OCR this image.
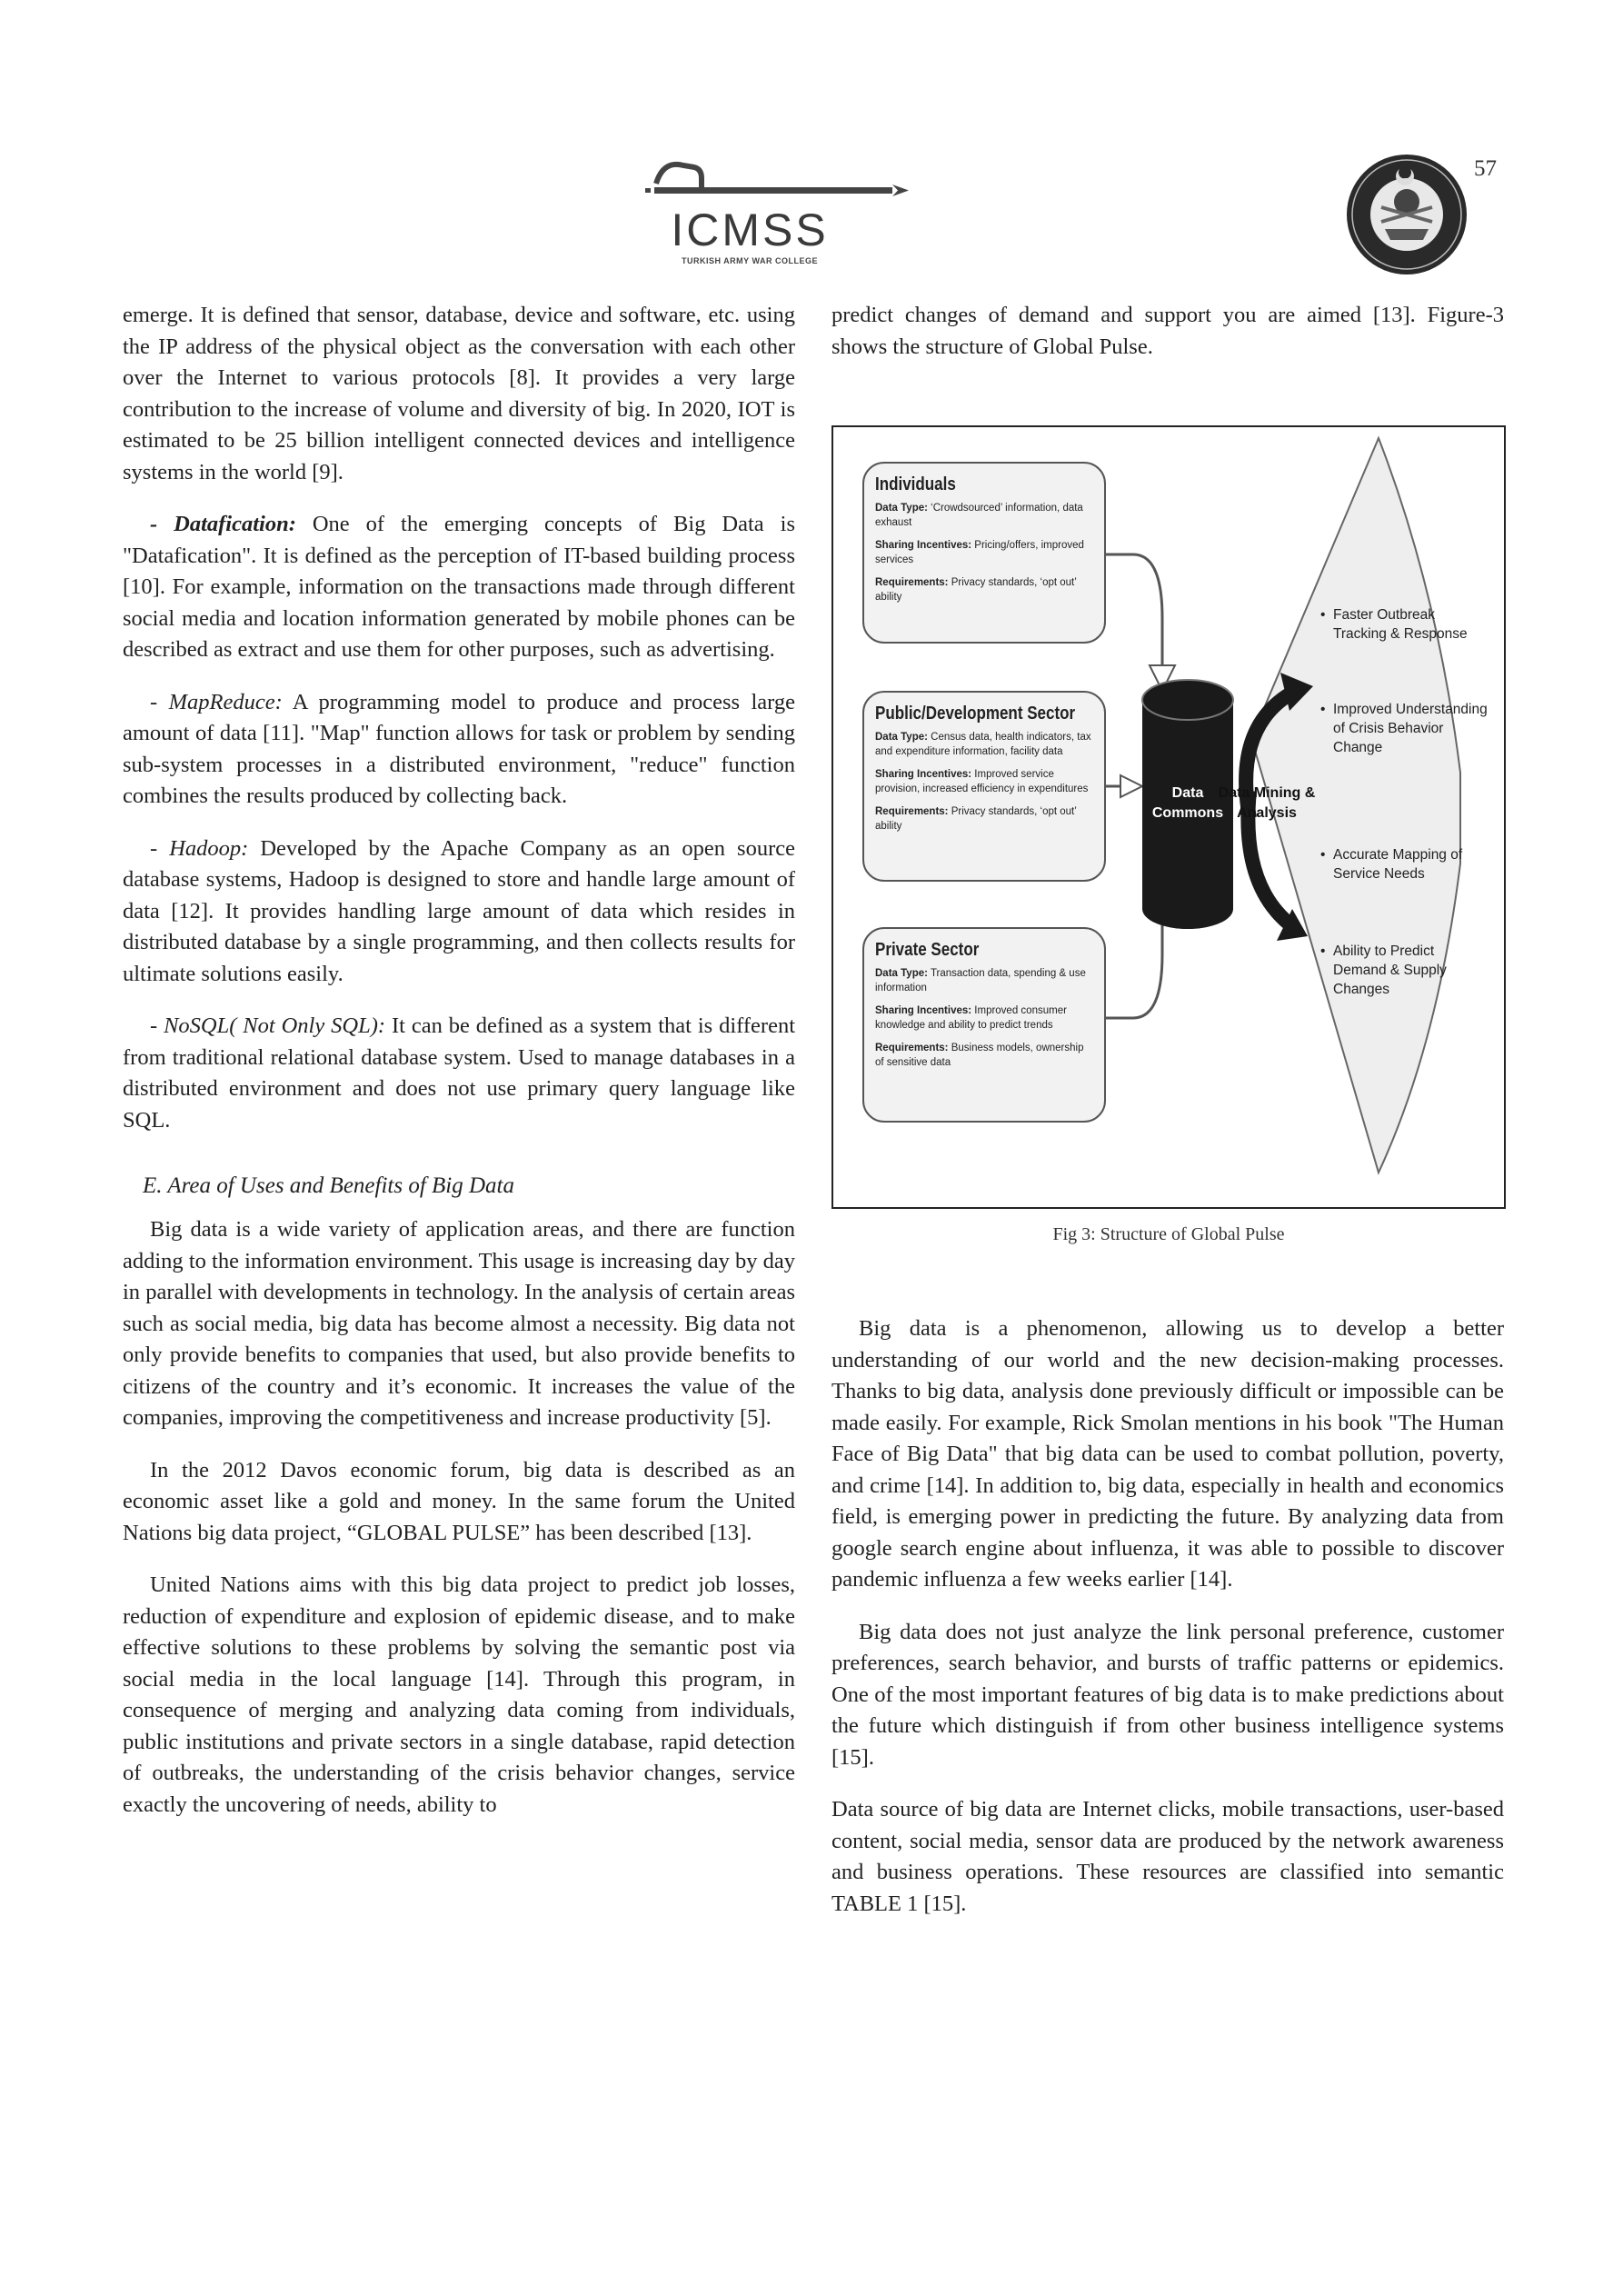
ICMSS
TURKISH ARMY WAR COLLEGE
57

emerge. It is defined that sensor, database, device and software, etc. using the IP address of the physical object as the conversation with each other over the Internet to various protocols [8]. It provides a very large contribution to the increase of volume and diversity of big. In 2020, IOT is estimated to be 25 billion intelligent connected devices and intelligence systems in the world [9].

- Datafication: One of the emerging concepts of Big Data is "Datafication". It is defined as the perception of IT-based building process [10]. For example, information on the transactions made through different social media and location information generated by mobile phones can be described as extract and use them for other purposes, such as advertising.

- MapReduce: A programming model to produce and process large amount of data [11]. "Map" function allows for task or problem by sending sub-system processes in a distributed environment, "reduce" function combines the results produced by collecting back.

- Hadoop: Developed by the Apache Company as an open source database systems, Hadoop is designed to store and handle large amount of data [12]. It provides handling large amount of data which resides in distributed database by a single programming, and then collects results for ultimate solutions easily.

- NoSQL( Not Only SQL): It can be defined as a system that is different from traditional relational database system. Used to manage databases in a distributed environment and does not use primary query language like SQL.

E. Area of Uses and Benefits of Big Data

Big data is a wide variety of application areas, and there are function adding to the information environment. This usage is increasing day by day in parallel with developments in technology. In the analysis of certain areas such as social media, big data has become almost a necessity. Big data not only provide benefits to companies that used, but also provide benefits to citizens of the country and it’s economic. It increases the value of the companies, improving the competitiveness and increase productivity [5].

In the 2012 Davos economic forum, big data is described as an economic asset like a gold and money. In the same forum the United Nations big data project, “GLOBAL PULSE” has been described [13].

United Nations aims with this big data project to predict job losses, reduction of expenditure and explosion of epidemic disease, and to make effective solutions to these problems by solving the semantic post via social media in the local language [14]. Through this program, in consequence of merging and analyzing data coming from individuals, public institutions and private sectors in a single database, rapid detection of outbreaks, the understanding of the crisis behavior changes, service exactly the uncovering of needs, ability to

predict changes of demand and support you are aimed [13]. Figure-3 shows the structure of Global Pulse.

Individuals
Data Type: ‘Crowdsourced’ information, data exhaust
Sharing Incentives: Pricing/offers, improved services
Requirements: Privacy standards, ‘opt out’ ability
Public/Development Sector
Data Type: Census data, health indicators, tax and expenditure information, facility data
Sharing Incentives: Improved service provision, increased efficiency in expenditures
Requirements: Privacy standards, ‘opt out’ ability
Private Sector
Data Type: Transaction data, spending & use information
Sharing Incentives: Improved consumer knowledge and ability to predict trends
Requirements: Business models, ownership of sensitive data
Data Commons
Data Mining & Analysis
• Faster Outbreak Tracking & Response
• Improved Understanding of Crisis Behavior Change
• Accurate Mapping of Service Needs
• Ability to Predict Demand & Supply Changes
Fig 3: Structure of Global Pulse

Big data is a phenomenon, allowing us to develop a better understanding of our world and the new decision-making processes. Thanks to big data, analysis done previously difficult or impossible can be made easily. For example, Rick Smolan mentions in his book "The Human Face of Big Data" that big data can be used to combat pollution, poverty, and crime [14]. In addition to, big data, especially in health and economics field, is emerging power in predicting the future. By analyzing data from google search engine about influenza, it was able to possible to discover pandemic influenza a few weeks earlier [14].

Big data does not just analyze the link personal preference, customer preferences, search behavior, and bursts of traffic patterns or epidemics. One of the most important features of big data is to make predictions about the future which distinguish if from other business intelligence systems [15].

Data source of big data are Internet clicks, mobile transactions, user-based content, social media, sensor data are produced by the network awareness and business operations. These resources are classified into semantic TABLE 1 [15].
